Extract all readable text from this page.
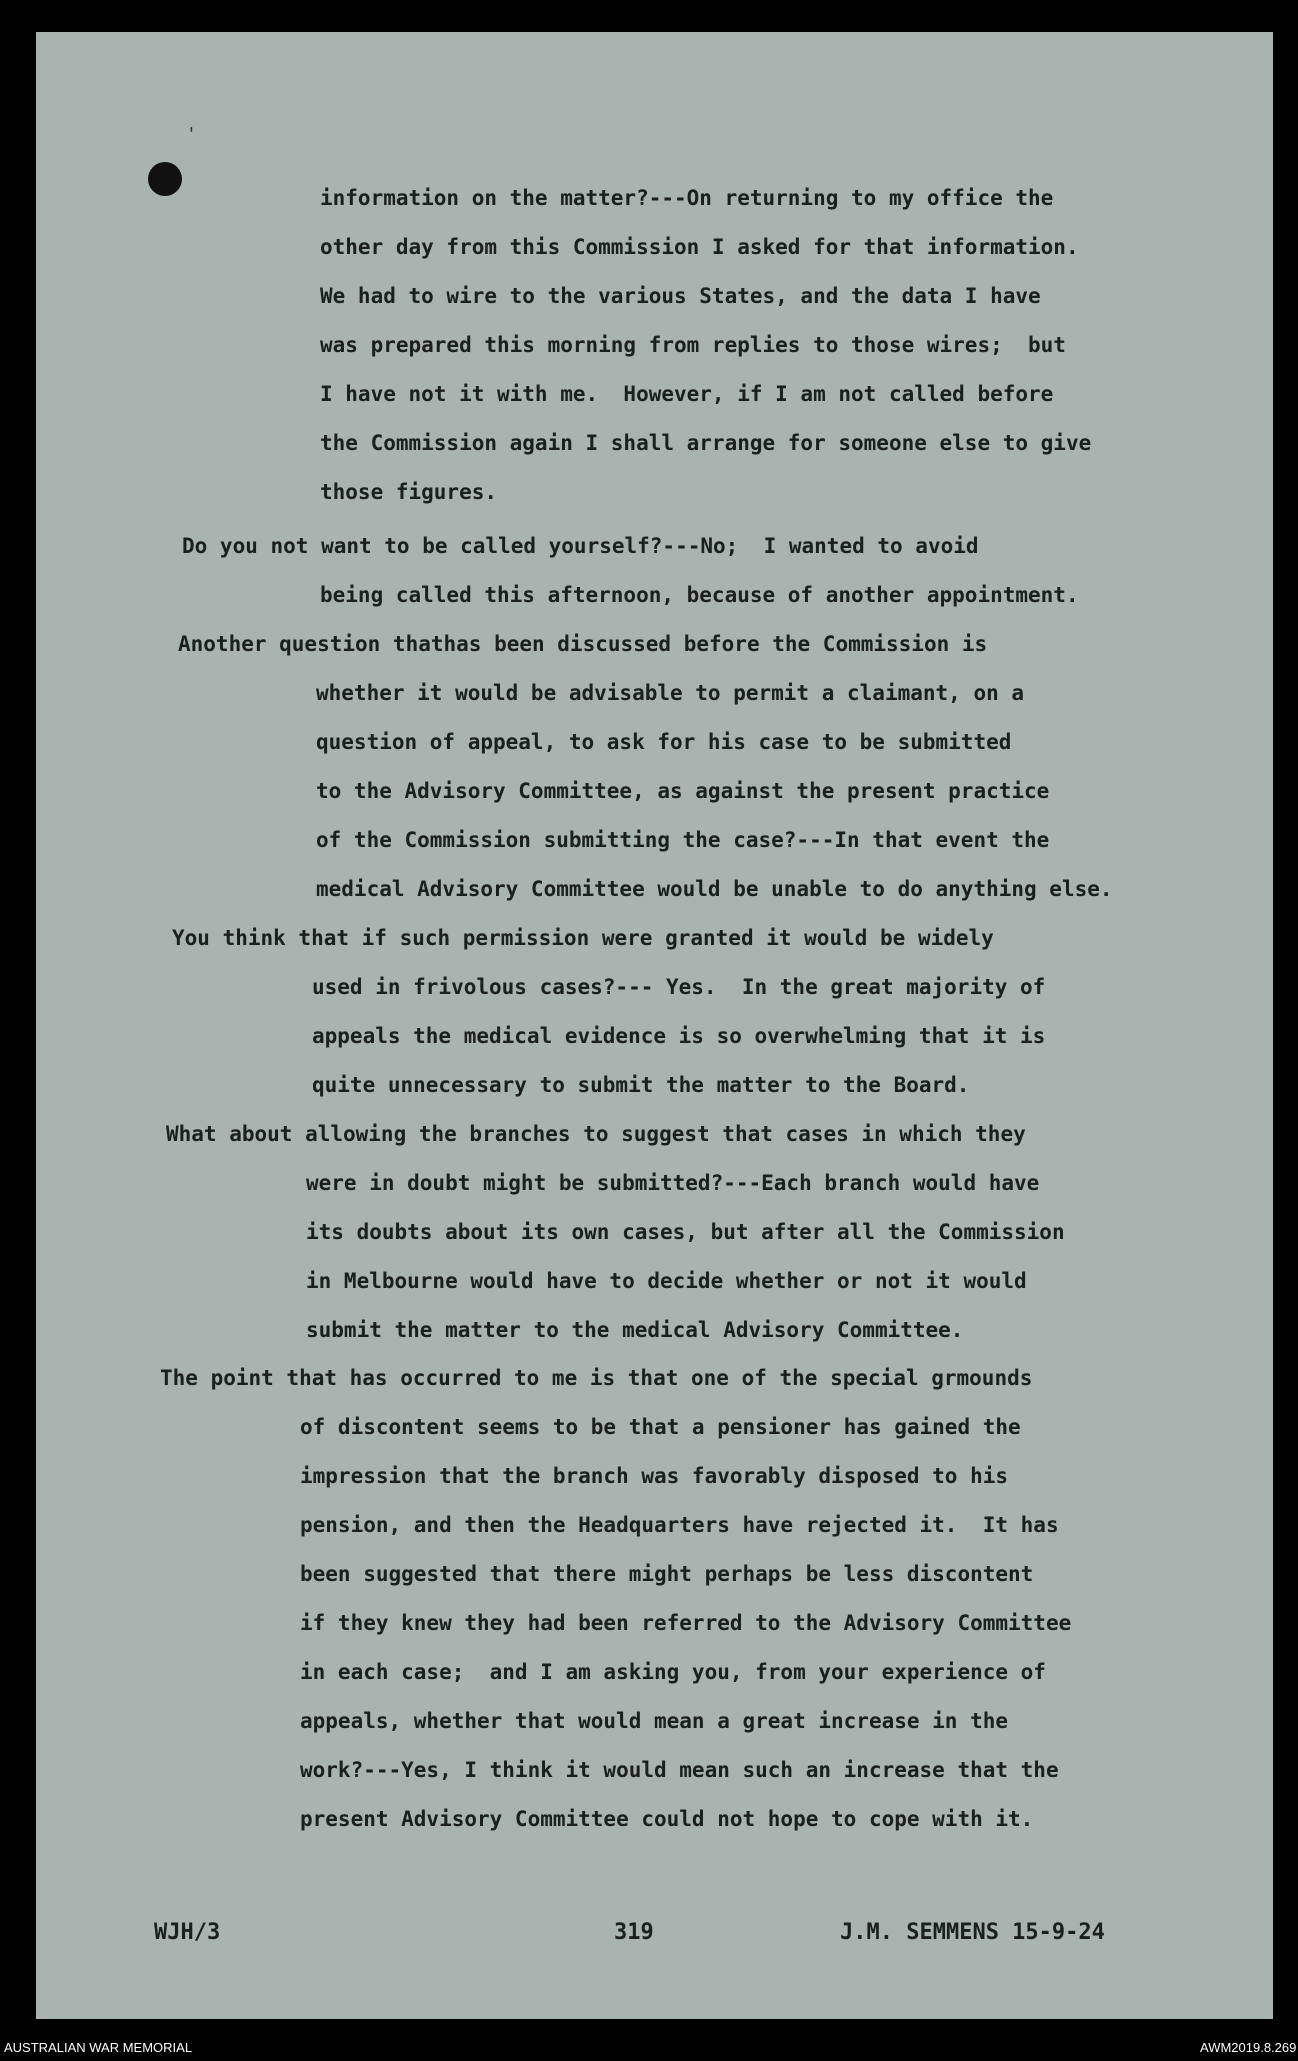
'
information on the matter?---On returning to my office the
other day from this Commission I asked for that information.
We had to wire to the various States, and the data I have
was prepared this morning from replies to those wires;  but
I have not it with me.  However, if I am not called before
the Commission again I shall arrange for someone else to give
those figures.
Do you not want to be called yourself?---No;  I wanted to avoid
being called this afternoon, because of another appointment.
Another question thathas been discussed before the Commission is
whether it would be advisable to permit a claimant, on a
question of appeal, to ask for his case to be submitted
to the Advisory Committee, as against the present practice
of the Commission submitting the case?---In that event the
medical Advisory Committee would be unable to do anything else.
You think that if such permission were granted it would be widely
used in frivolous cases?--- Yes.  In the great majority of
appeals the medical evidence is so overwhelming that it is
quite unnecessary to submit the matter to the Board.
What about allowing the branches to suggest that cases in which they
were in doubt might be submitted?---Each branch would have
its doubts about its own cases, but after all the Commission
in Melbourne would have to decide whether or not it would
submit the matter to the medical Advisory Committee.
The point that has occurred to me is that one of the special grmounds
of discontent seems to be that a pensioner has gained the
impression that the branch was favorably disposed to his
pension, and then the Headquarters have rejected it.  It has
been suggested that there might perhaps be less discontent
if they knew they had been referred to the Advisory Committee
in each case;  and I am asking you, from your experience of
appeals, whether that would mean a great increase in the
work?---Yes, I think it would mean such an increase that the
present Advisory Committee could not hope to cope with it.
WJH/3	319	J.M. SEMMENS 15-9-24
AUSTRALIAN WAR MEMORIAL	AWM2019.8.269
